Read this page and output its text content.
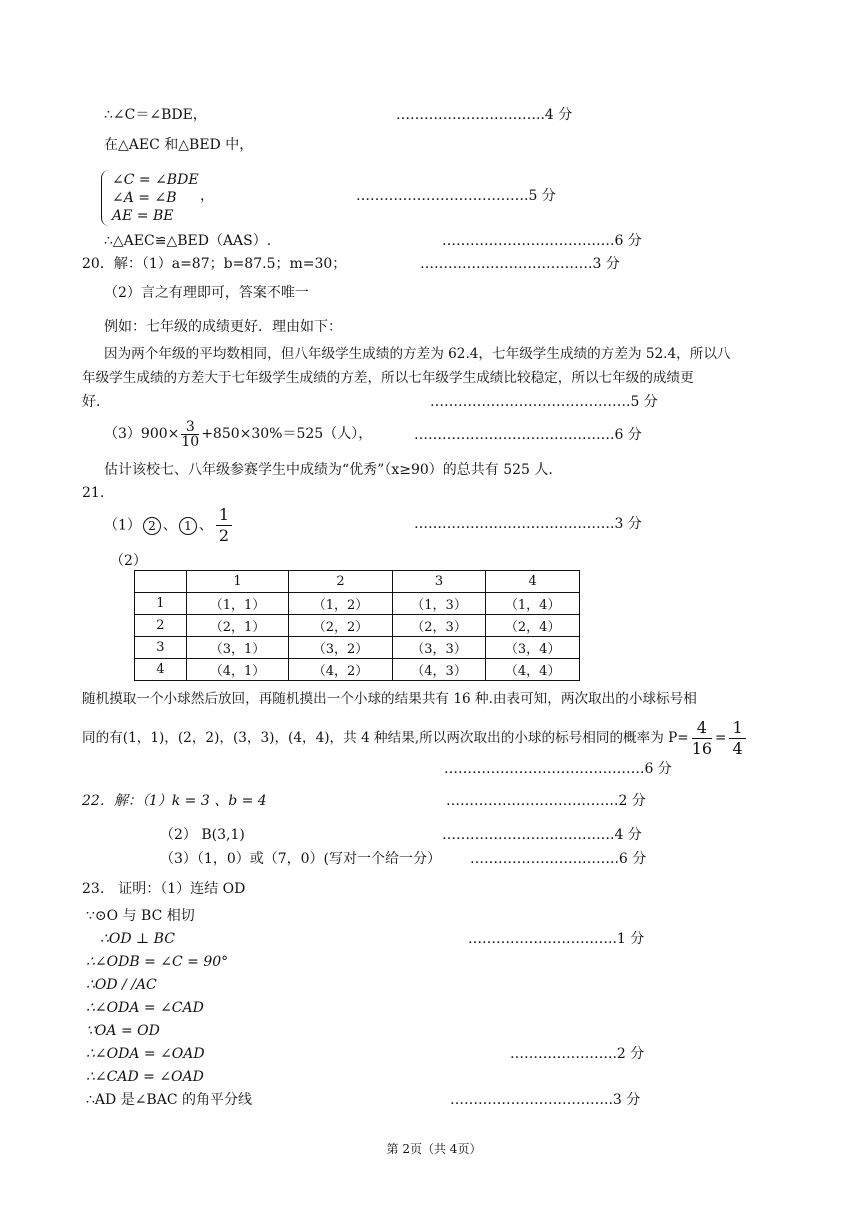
∴∠C＝∠BDE，	…………………………..4 分
在△AEC 和△BED 中，
∠C = ∠BDE
∠A = ∠B ，
AE = BE
……………………………….5 分
∴△AEC≌△BED（AAS）.	……………………………….6 分
20．解：（1）a=87；b=87.5；m=30；	……………………………….3 分
（2）言之有理即可，答案不唯一
例如：七年级的成绩更好．理由如下：
因为两个年级的平均数相同，但八年级学生成绩的方差为 62.4，七年级学生成绩的方差为 52.4，所以八
年级学生成绩的方差大于七年级学生成绩的方差，所以七年级学生成绩比较稳定，所以七年级的成绩更
好．	…………………………………….5 分
$(3)900\times \frac{3}{10} +850\times 30\%=525$（人），	…………………………………….6 分
估计该校七、八年级参赛学生中成绩为“优秀”（x≥90）的总共有 525 人.
21.
（1） 2 、 1 、 $\frac{1}{2}$	…………………………………….3 分
（2）
	1	2	3	4
1	（1，1）	（1，2）	（1，3）	（1，4）
2	（2，1）	（2，2）	（2，3）	（2，4）
3	（3，1）	（3，2）	（3，3）	（3，4）
4	（4，1）	（4，2）	（4，3）	（4，4）
随机摸取一个小球然后放回，再随机摸出一个小球的结果共有 16 种.由表可知，两次取出的小球标号相
同的有(1，1)，(2，2)，(3，3)，(4，4)，共 4 种结果,所以两次取出的小球的标号相同的概率为 $P= \frac{4}{16} = \frac{1}{4}$
…………………………………….6 分
22．解：（1）k = 3 、b = 4	……………………………….2 分
（2） B(3,1)	……………………………….4 分
（3）（1，0）或（7，0）(写对一个给一分） …………………………..6 分
23.　证明：（1）连结 OD
∵⊙O 与 BC 相切
∴OD ⊥ BC	…………………………..1 分
∴∠ODB = ∠C = 90°
∴OD / /AC
∴∠ODA = ∠CAD
∵OA = OD
∴∠ODA = ∠OAD	…………………..2 分
∴∠CAD = ∠OAD
∴AD 是∠BAC 的角平分线	……………………………..3 分
第 2页（共 4页）
